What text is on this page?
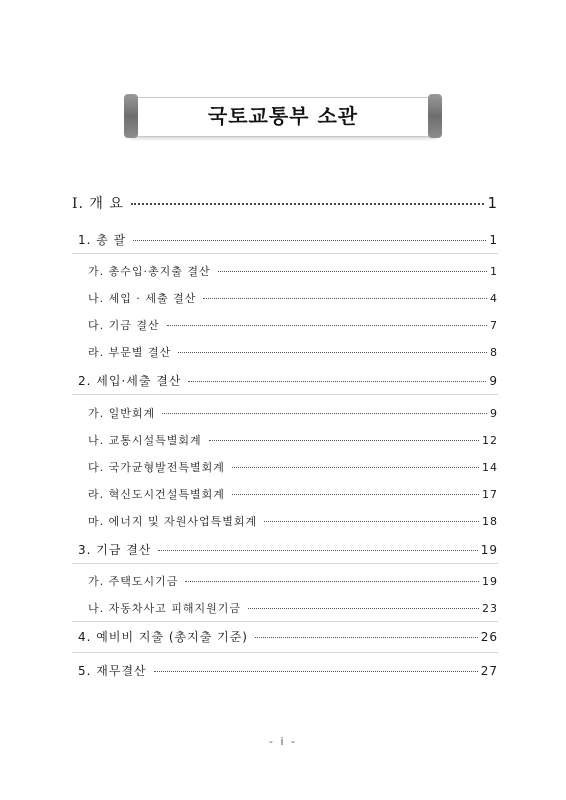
국토교통부 소관
Ⅰ. 개 요	1
1. 총 괄	1
가. 총수입·총지출 결산	1
나. 세입 · 세출 결산	4
다. 기금 결산	7
라. 부문별 결산	8
2. 세입·세출 결산	9
가. 일반회계	9
나. 교통시설특별회계	12
다. 국가균형발전특별회계	14
라. 혁신도시건설특별회계	17
마. 에너지 및 자원사업특별회계	18
3. 기금 결산	19
가. 주택도시기금	19
나. 자동차사고 피해지원기금	23
4. 예비비 지출 (총지출 기준)	26
5. 재무결산	27
- i -
